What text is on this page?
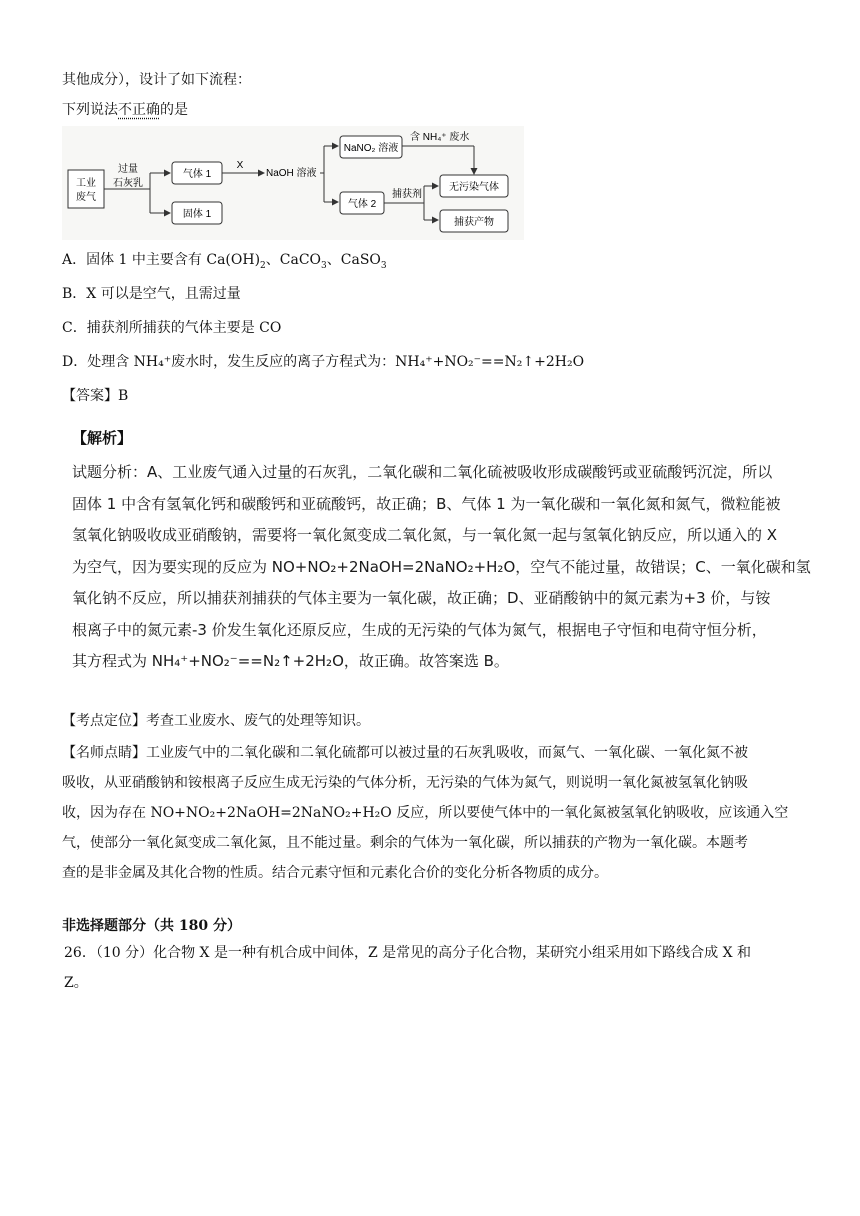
其他成分），设计了如下流程：
下列说法不正确的是
工业
废气
过量
石灰乳
气体 1
固体 1
X
NaOH 溶液
NaNO₂ 溶液
含 NH₄⁺ 废水
气体 2
捕获剂
无污染气体
捕获产物
A．固体 1 中主要含有 $Ca(OH)_2$、CaCO$_3$、CaSO$_3$
B．X 可以是空气，且需过量
C．捕获剂所捕获的气体主要是 CO
D．处理含 NH₄⁺废水时，发生反应的离子方程式为：NH₄⁺+NO₂⁻==N₂↑+2H₂O
【答案】B
【解析】
试题分析：A、工业废气通入过量的石灰乳，二氧化碳和二氧化硫被吸收形成碳酸钙或亚硫酸钙沉淀，所以
固体 1 中含有氢氧化钙和碳酸钙和亚硫酸钙，故正确；B、气体 1 为一氧化碳和一氧化氮和氮气，微粒能被
氢氧化钠吸收成亚硝酸钠，需要将一氧化氮变成二氧化氮，与一氧化氮一起与氢氧化钠反应，所以通入的 X
为空气，因为要实现的反应为 NO+NO₂+2NaOH=2NaNO₂+H₂O，空气不能过量，故错误；C、一氧化碳和氢
氧化钠不反应，所以捕获剂捕获的气体主要为一氧化碳，故正确；D、亚硝酸钠中的氮元素为+3 价，与铵
根离子中的氮元素-3 价发生氧化还原反应，生成的无污染的气体为氮气，根据电子守恒和电荷守恒分析，
其方程式为 NH₄⁺+NO₂⁻==N₂↑+2H₂O，故正确。故答案选 B。
【考点定位】考查工业废水、废气的处理等知识。
【名师点睛】工业废气中的二氧化碳和二氧化硫都可以被过量的石灰乳吸收，而氮气、一氧化碳、一氧化氮不被
吸收，从亚硝酸钠和铵根离子反应生成无污染的气体分析，无污染的气体为氮气，则说明一氧化氮被氢氧化钠吸
收，因为存在 NO+NO₂+2NaOH=2NaNO₂+H₂O 反应，所以要使气体中的一氧化氮被氢氧化钠吸收，应该通入空
气，使部分一氧化氮变成二氧化氮，且不能过量。剩余的气体为一氧化碳，所以捕获的产物为一氧化碳。本题考
查的是非金属及其化合物的性质。结合元素守恒和元素化合价的变化分析各物质的成分。
非选择题部分（共 180 分）
26．（10 分）化合物 X 是一种有机合成中间体，Z 是常见的高分子化合物，某研究小组采用如下路线合成 X 和
Z。
